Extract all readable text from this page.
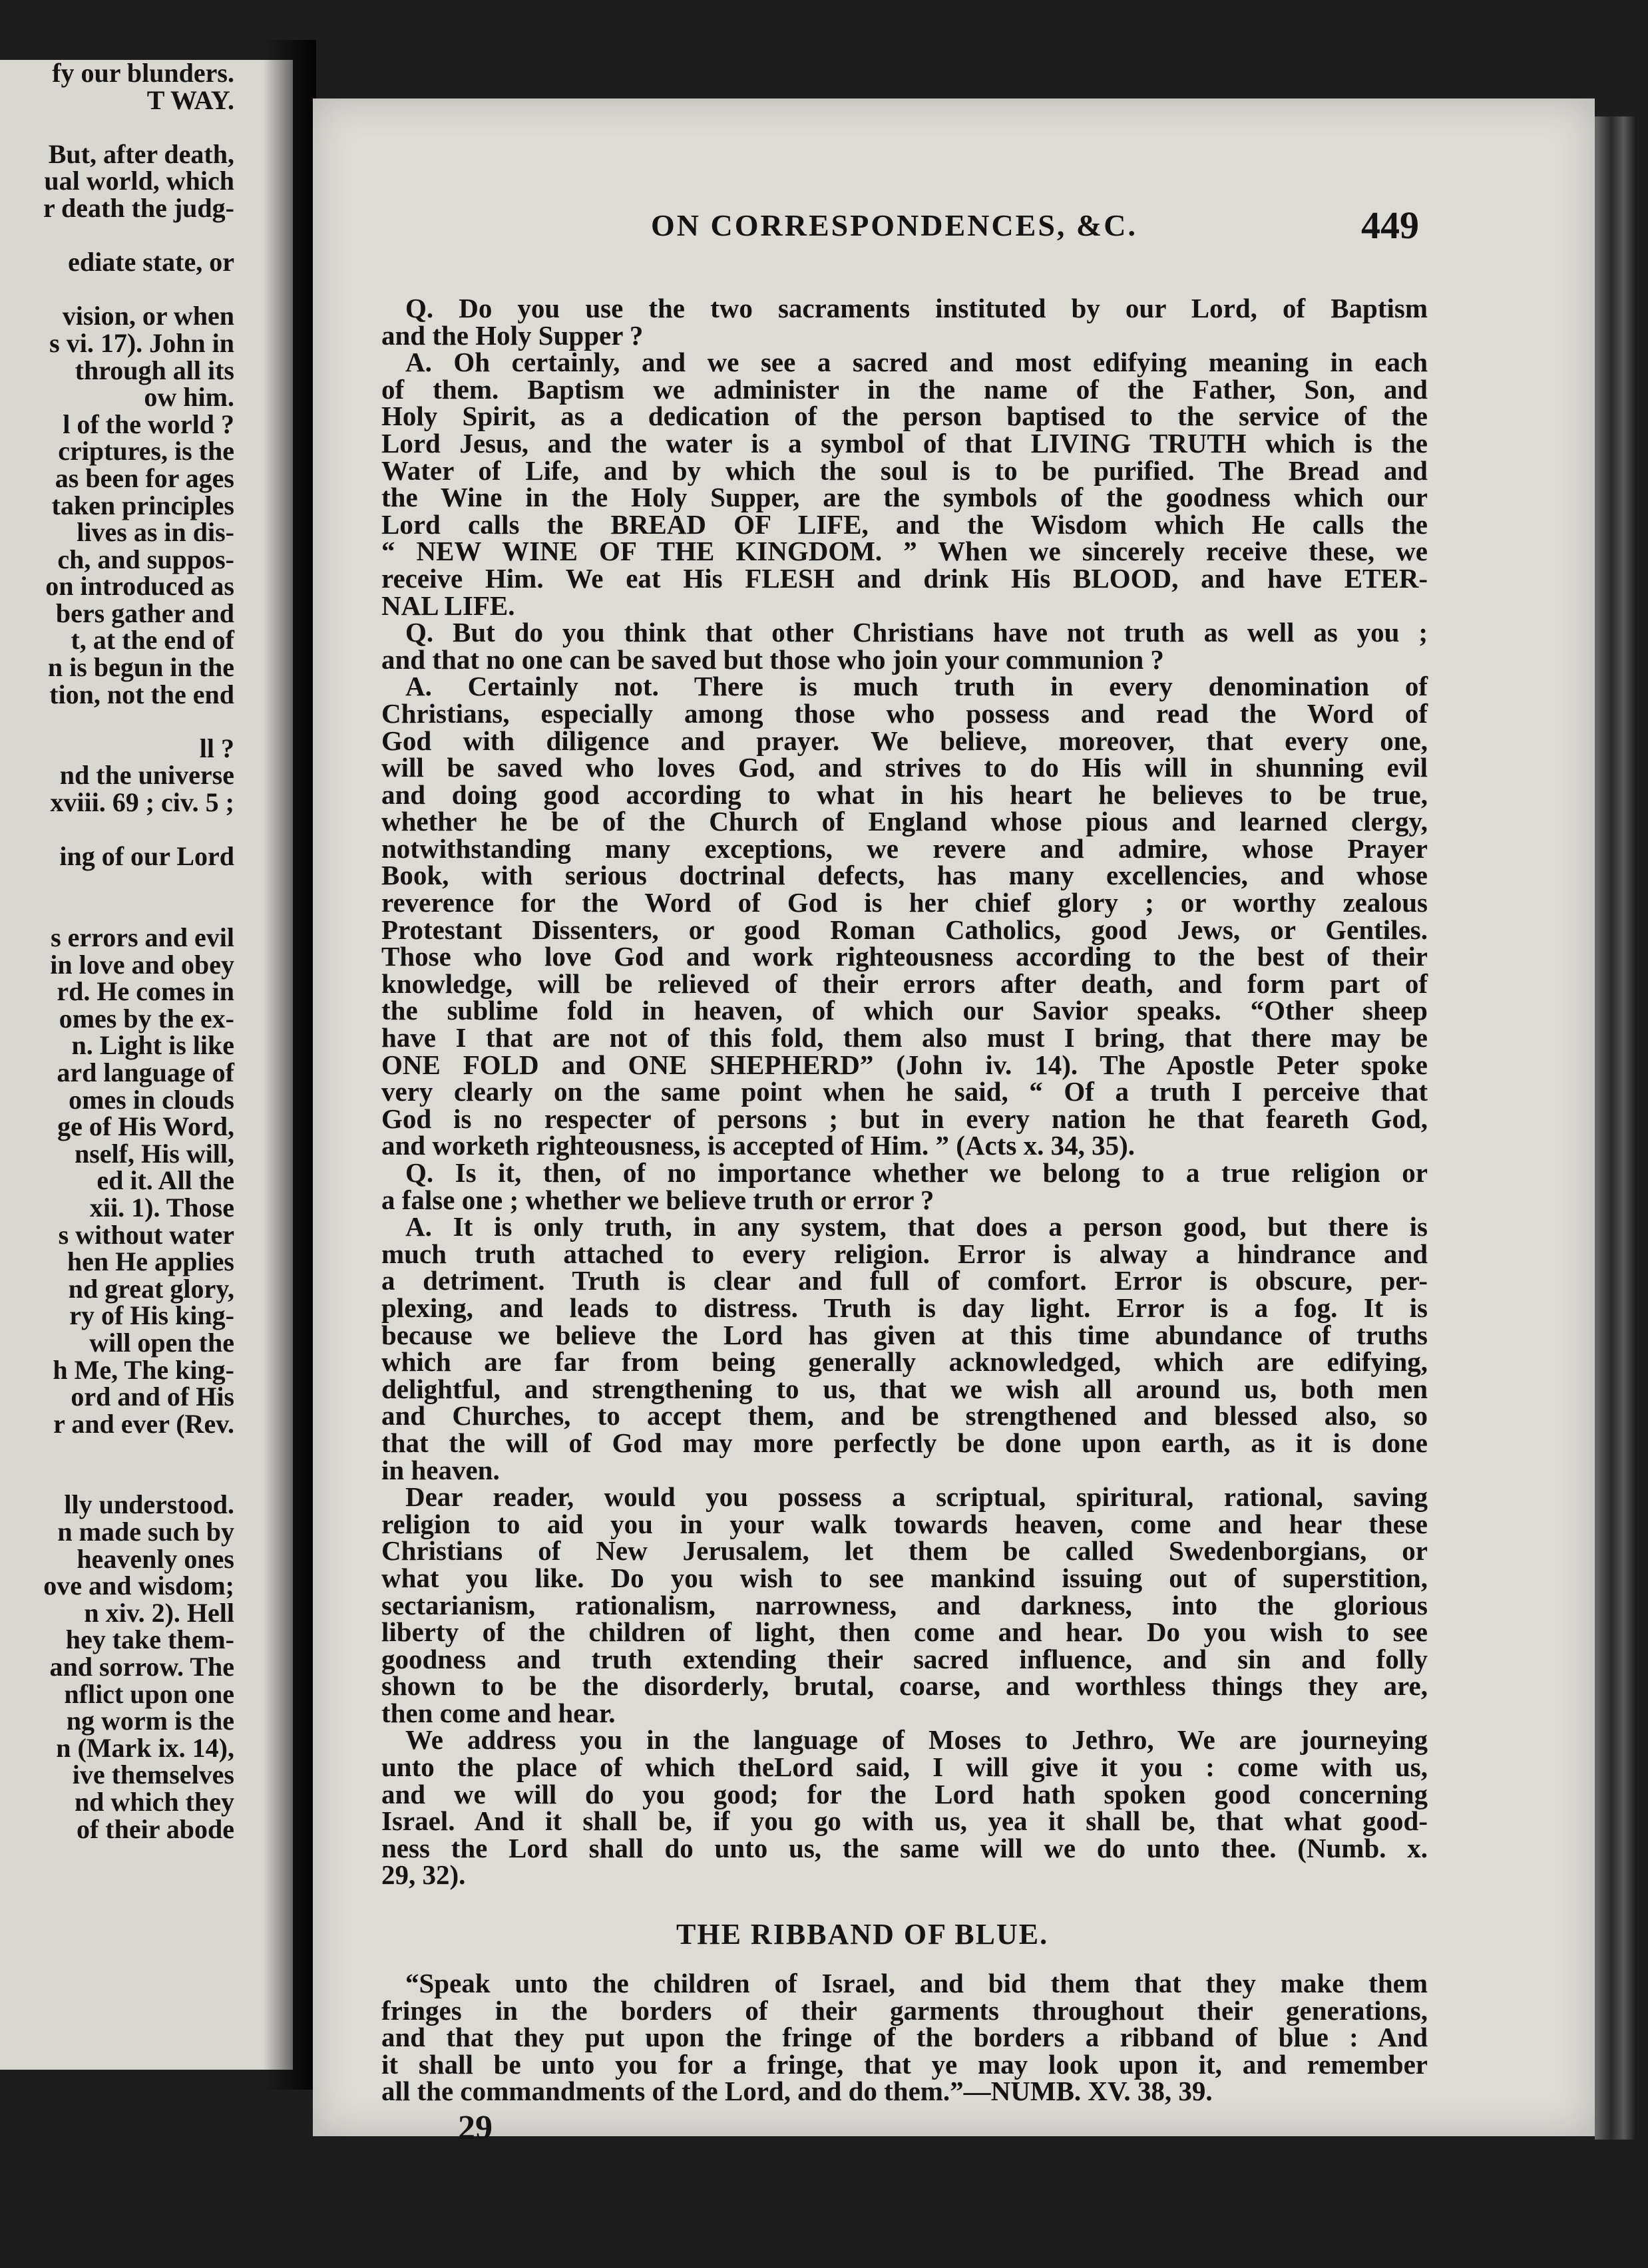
fy our blunders.
T WAY.
But, after death,
ual world, which
r death the judg-
ediate state, or
vision, or when
s vi. 17). John in
through all its
ow him.
l of the world ?
criptures, is the
as been for ages
taken principles
lives as in dis-
ch, and suppos-
on introduced as
bers gather and
t, at the end of
n is begun in the
tion, not the end
ll ?
nd the universe
xviii. 69 ; civ. 5 ;
ing of our Lord
s errors and evil
in love and obey
rd. He comes in
omes by the ex-
n. Light is like
ard language of
omes in clouds
ge of His Word,
nself, His will,
ed it. All the
xii. 1). Those
s without water
hen He applies
nd great glory,
ry of His king-
will open the
h Me, The king-
ord and of His
r and ever (Rev.
lly understood.
n made such by
heavenly ones
ove and wisdom;
n xiv. 2). Hell
hey take them-
and sorrow. The
nflict upon one
ng worm is the
n (Mark ix. 14),
ive themselves
nd which they
of their abode
ON CORRESPONDENCES, &C.	449
Q. Do you use the two sacraments instituted by our Lord, of Baptism
and the Holy Supper ?
A. Oh certainly, and we see a sacred and most edifying meaning in each
of them. Baptism we administer in the name of the Father, Son, and
Holy Spirit, as a dedication of the person baptised to the service of the
Lord Jesus, and the water is a symbol of that LIVING TRUTH which is the
Water of Life, and by which the soul is to be purified. The Bread and
the Wine in the Holy Supper, are the symbols of the goodness which our
Lord calls the BREAD OF LIFE, and the Wisdom which He calls the
“ NEW WINE OF THE KINGDOM. ” When we sincerely receive these, we
receive Him. We eat His FLESH and drink His BLOOD, and have ETER-
NAL LIFE.
Q. But do you think that other Christians have not truth as well as you ;
and that no one can be saved but those who join your communion ?
A. Certainly not. There is much truth in every denomination of
Christians, especially among those who possess and read the Word of
God with diligence and prayer. We believe, moreover, that every one,
will be saved who loves God, and strives to do His will in shunning evil
and doing good according to what in his heart he believes to be true,
whether he be of the Church of England whose pious and learned clergy,
notwithstanding many exceptions, we revere and admire, whose Prayer
Book, with serious doctrinal defects, has many excellencies, and whose
reverence for the Word of God is her chief glory ; or worthy zealous
Protestant Dissenters, or good Roman Catholics, good Jews, or Gentiles.
Those who love God and work righteousness according to the best of their
knowledge, will be relieved of their errors after death, and form part of
the sublime fold in heaven, of which our Savior speaks. “Other sheep
have I that are not of this fold, them also must I bring, that there may be
ONE FOLD and ONE SHEPHERD” (John iv. 14). The Apostle Peter spoke
very clearly on the same point when he said, “ Of a truth I perceive that
God is no respecter of persons ; but in every nation he that feareth God,
and worketh righteousness, is accepted of Him. ” (Acts x. 34, 35).
Q. Is it, then, of no importance whether we belong to a true religion or
a false one ; whether we believe truth or error ?
A. It is only truth, in any system, that does a person good, but there is
much truth attached to every religion. Error is alway a hindrance and
a detriment. Truth is clear and full of comfort. Error is obscure, per-
plexing, and leads to distress. Truth is day light. Error is a fog. It is
because we believe the Lord has given at this time abundance of truths
which are far from being generally acknowledged, which are edifying,
delightful, and strengthening to us, that we wish all around us, both men
and Churches, to accept them, and be strengthened and blessed also, so
that the will of God may more perfectly be done upon earth, as it is done
in heaven.
Dear reader, would you possess a scriptual, spiritural, rational, saving
religion to aid you in your walk towards heaven, come and hear these
Christians of New Jerusalem, let them be called Swedenborgians, or
what you like. Do you wish to see mankind issuing out of superstition,
sectarianism, rationalism, narrowness, and darkness, into the glorious
liberty of the children of light, then come and hear. Do you wish to see
goodness and truth extending their sacred influence, and sin and folly
shown to be the disorderly, brutal, coarse, and worthless things they are,
then come and hear.
We address you in the language of Moses to Jethro, We are journeying
unto the place of which theLord said, I will give it you : come with us,
and we will do you good; for the Lord hath spoken good concerning
Israel. And it shall be, if you go with us, yea it shall be, that what good-
ness the Lord shall do unto us, the same will we do unto thee. (Numb. x.
29, 32).
THE RIBBAND OF BLUE.
“Speak unto the children of Israel, and bid them that they make them
fringes in the borders of their garments throughout their generations,
and that they put upon the fringe of the borders a ribband of blue : And
it shall be unto you for a fringe, that ye may look upon it, and remember
all the commandments of the Lord, and do them.”—NUMB. XV. 38, 39.
29
